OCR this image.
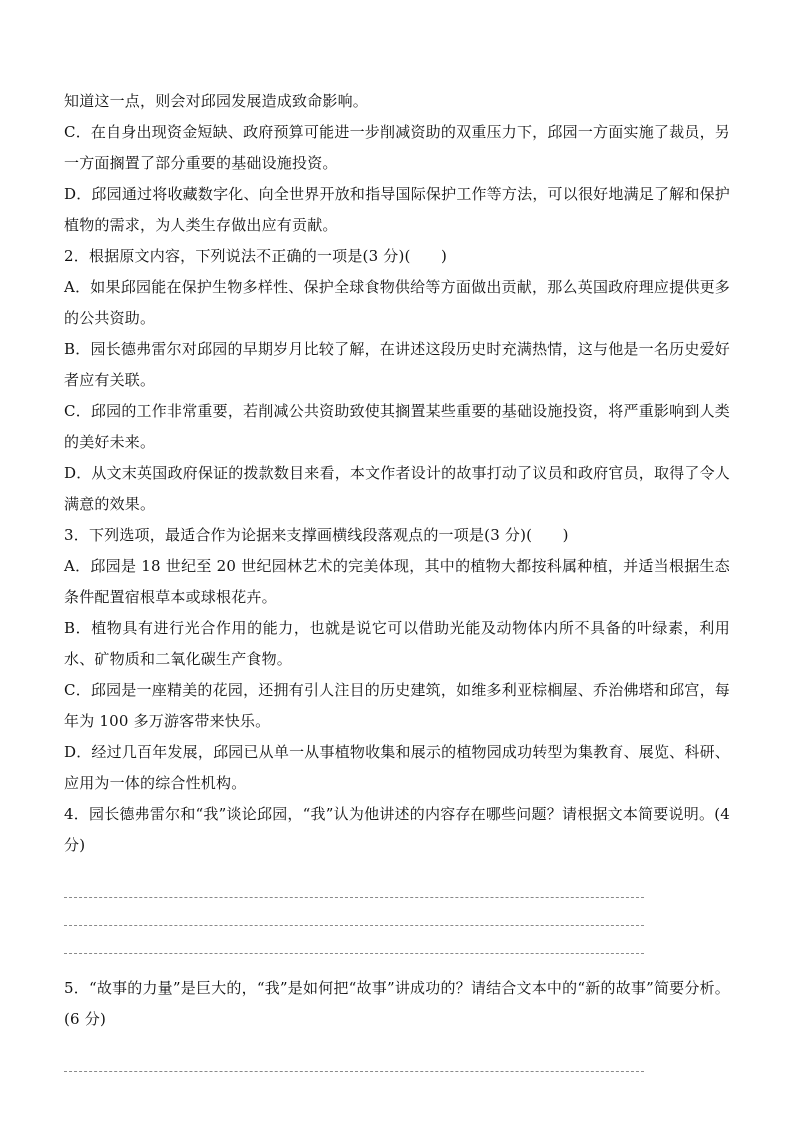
知道这一点，则会对邱园发展造成致命影响。

C．在自身出现资金短缺、政府预算可能进一步削减资助的双重压力下，邱园一方面实施了裁员，另一方面搁置了部分重要的基础设施投资。

D．邱园通过将收藏数字化、向全世界开放和指导国际保护工作等方法，可以很好地满足了解和保护植物的需求，为人类生存做出应有贡献。

2．根据原文内容，下列说法不正确的一项是(3 分)(　　)

A．如果邱园能在保护生物多样性、保护全球食物供给等方面做出贡献，那么英国政府理应提供更多的公共资助。

B．园长德弗雷尔对邱园的早期岁月比较了解，在讲述这段历史时充满热情，这与他是一名历史爱好者应有关联。

C．邱园的工作非常重要，若削减公共资助致使其搁置某些重要的基础设施投资，将严重影响到人类的美好未来。

D．从文末英国政府保证的拨款数目来看，本文作者设计的故事打动了议员和政府官员，取得了令人满意的效果。

3．下列选项，最适合作为论据来支撑画横线段落观点的一项是(3 分)(　　)

A．邱园是 18 世纪至 20 世纪园林艺术的完美体现，其中的植物大都按科属种植，并适当根据生态条件配置宿根草本或球根花卉。

B．植物具有进行光合作用的能力，也就是说它可以借助光能及动物体内所不具备的叶绿素，利用水、矿物质和二氧化碳生产食物。

C．邱园是一座精美的花园，还拥有引人注目的历史建筑，如维多利亚棕榈屋、乔治佛塔和邱宫，每年为 100 多万游客带来快乐。

D．经过几百年发展，邱园已从单一从事植物收集和展示的植物园成功转型为集教育、展览、科研、应用为一体的综合性机构。

4．园长德弗雷尔和“我”谈论邱园，“我”认为他讲述的内容存在哪些问题？请根据文本简要说明。(4 分)

5．“故事的力量”是巨大的，“我”是如何把“故事”讲成功的？请结合文本中的“新的故事”简要分析。(6 分)
